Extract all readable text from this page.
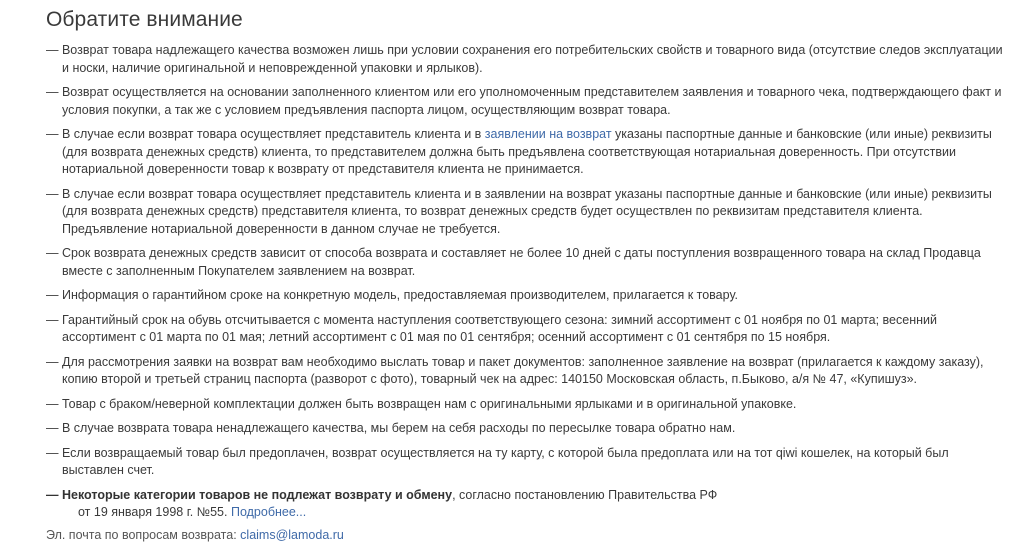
Обратите внимание
— Возврат товара надлежащего качества возможен лишь при условии сохранения его потребительских свойств и товарного вида (отсутствие следов эксплуатации и носки, наличие оригинальной и неповрежденной упаковки и ярлыков).
— Возврат осуществляется на основании заполненного клиентом или его уполномоченным представителем заявления и товарного чека, подтверждающего факт и условия покупки, а так же с условием предъявления паспорта лицом, осуществляющим возврат товара.
— В случае если возврат товара осуществляет представитель клиента и в заявлении на возврат указаны паспортные данные и банковские (или иные) реквизиты (для возврата денежных средств) клиента, то представителем должна быть предъявлена соответствующая нотариальная доверенность. При отсутствии нотариальной доверенности товар к возврату от представителя клиента не принимается.
— В случае если возврат товара осуществляет представитель клиента и в заявлении на возврат указаны паспортные данные и банковские (или иные) реквизиты (для возврата денежных средств) представителя клиента, то возврат денежных средств будет осуществлен по реквизитам представителя клиента. Предъявление нотариальной доверенности в данном случае не требуется.
— Срок возврата денежных средств зависит от способа возврата и составляет не более 10 дней с даты поступления возвращенного товара на склад Продавца вместе с заполненным Покупателем заявлением на возврат.
— Информация о гарантийном сроке на конкретную модель, предоставляемая производителем, прилагается к товару.
— Гарантийный срок на обувь отсчитывается с момента наступления соответствующего сезона: зимний ассортимент с 01 ноября по 01 марта; весенний ассортимент с 01 марта по 01 мая; летний ассортимент с 01 мая по 01 сентября; осенний ассортимент с 01 сентября по 15 ноября.
— Для рассмотрения заявки на возврат вам необходимо выслать товар и пакет документов: заполненное заявление на возврат (прилагается к каждому заказу), копию второй и третьей страниц паспорта (разворот с фото), товарный чек на адрес: 140150 Московская область, п.Быково, а/я № 47, «Купишуз».
— Товар с браком/неверной комплектации должен быть возвращен нам с оригинальными ярлыками и в оригинальной упаковке.
— В случае возврата товара ненадлежащего качества, мы берем на себя расходы по пересылке товара обратно нам.
— Если возвращаемый товар был предоплачен, возврат осуществляется на ту карту, с которой была предоплата или на тот qiwi кошелек, на который был выставлен счет.
— Некоторые категории товаров не подлежат возврату и обмену, согласно постановлению Правительства РФ
от 19 января 1998 г. №55. Подробнее...
Эл. почта по вопросам возврата: claims@lamoda.ru
